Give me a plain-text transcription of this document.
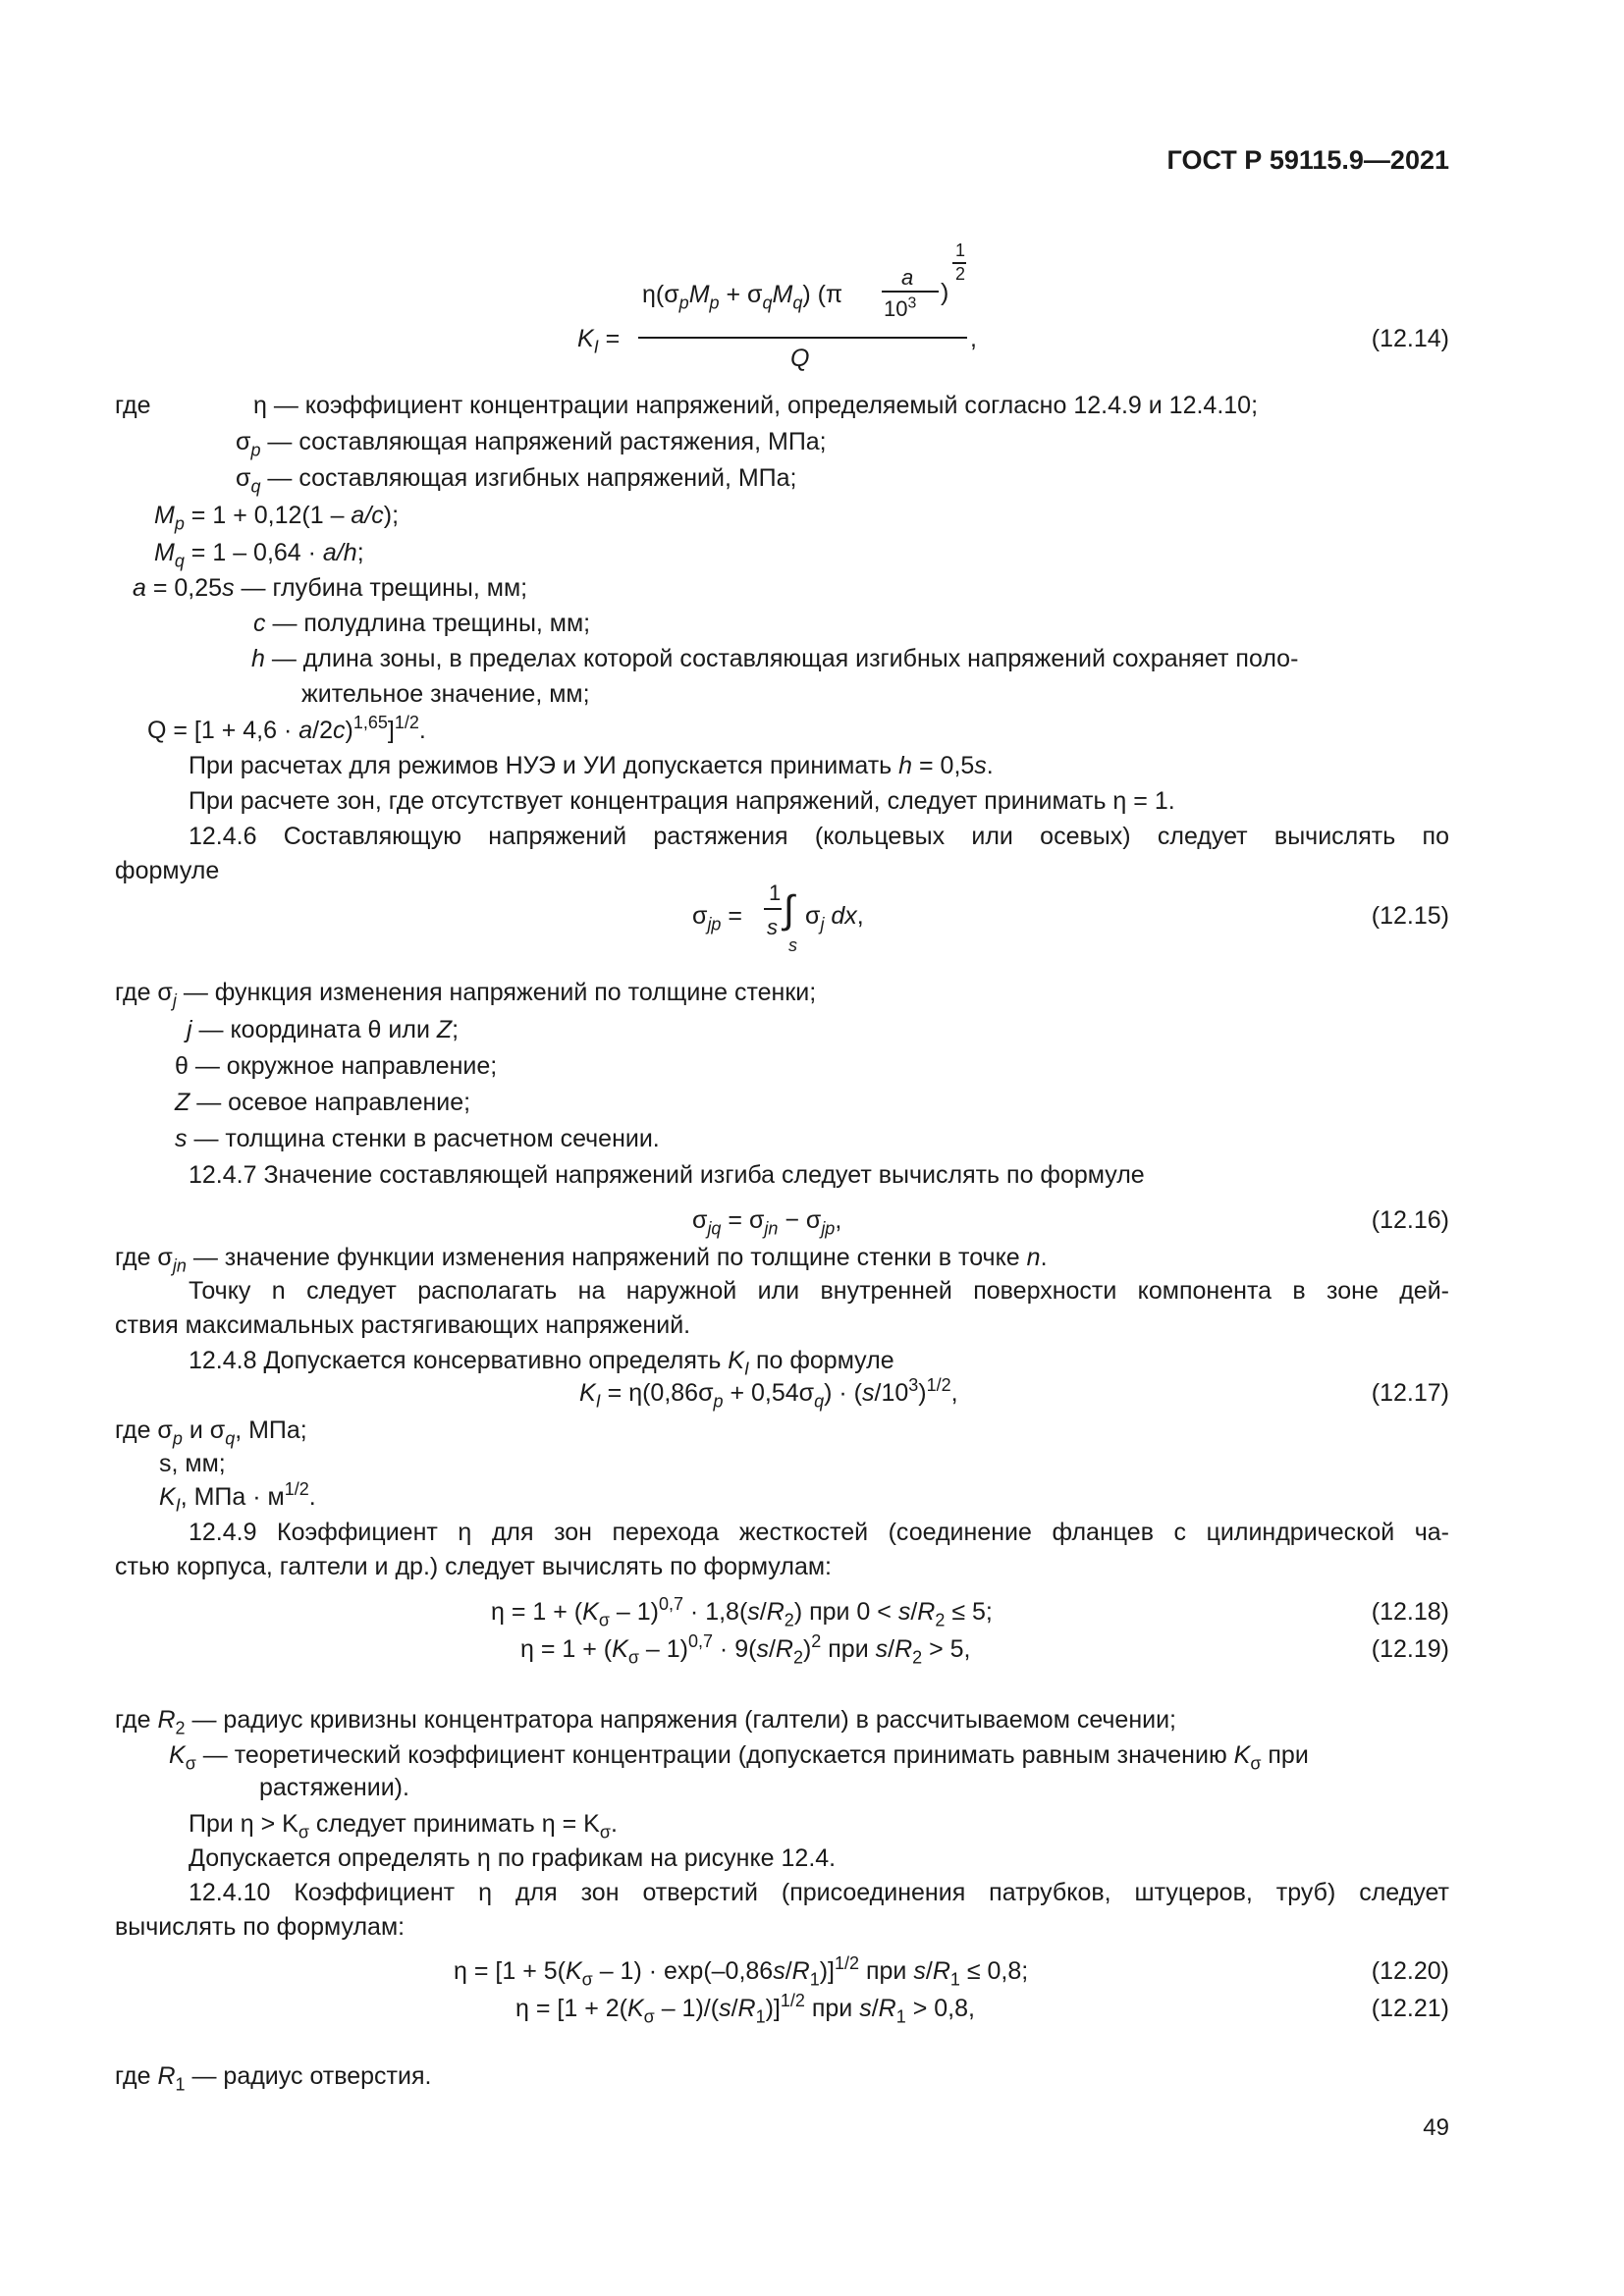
ГОСТ Р 59115.9—2021
$K_I$ =
$\eta(\sigma_pM_p + \sigma_qM_q)$ (π
a
$10^3$ )
1
2
Q
,	(12.14)
где	η — коэффициент концентрации напряжений, определяемый согласно 12.4.9 и 12.4.10;
$\sigma_p$ — составляющая напряжений растяжения, МПа;
$\sigma_q$ — составляющая изгибных напряжений, МПа;
$M_p = 1 + 0,12(1 - a/c)$;
$M_q = 1 - 0,64 \cdot a/h$;
a = 0,25s — глубина трещины, мм;
c — полудлина трещины, мм;
h — длина зоны, в пределах которой составляющая изгибных напряжений сохраняет поло-
жительное значение, мм;
$Q = [1 + 4,6 \cdot a/2c)^{1,65}]^{1/2}$.
При расчетах для режимов НУЭ и УИ допускается принимать h = 0,5s.
При расчете зон, где отсутствует концентрация напряжений, следует принимать η = 1.
12.4.6 Составляющую напряжений растяжения (кольцевых или осевых) следует вычислять по
формуле
$\sigma_{jp}$ =
1
s ∫
s
$\sigma_j$ dx,	(12.15)
где $\sigma_j$ — функция изменения напряжений по толщине стенки;
j — координата θ или Z;
θ — окружное направление;
Z — осевое направление;
s — толщина стенки в расчетном сечении.
12.4.7 Значение составляющей напряжений изгиба следует вычислять по формуле
$\sigma_{jq} = \sigma_{jn} - \sigma_{jp}$,	(12.16)
где $\sigma_{jn}$ — значение функции изменения напряжений по толщине стенки в точке n.
Точку n следует располагать на наружной или внутренней поверхности компонента в зоне дей-
ствия максимальных растягивающих напряжений.
12.4.8 Допускается консервативно определять $K_I$ по формуле
$K_I = \eta(0,86\sigma_p + 0,54\sigma_q) \cdot (s/10^3)^{1/2}$,	(12.17)
где $\sigma_p$ и $\sigma_q$, МПа;
s, мм;
$K_I$, МПа · $м^{1/2}$.
12.4.9 Коэффициент η для зон перехода жесткостей (соединение фланцев с цилиндрической ча-
стью корпуса, галтели и др.) следует вычислять по формулам:
$\eta = 1 + (K_\sigma - 1)^{0,7} \cdot 1,8(s/R_2)$ при $0 < s/R_2 \le 5$;	(12.18)
$\eta = 1 + (K_\sigma - 1)^{0,7} \cdot 9(s/R_2)^2$ при $s/R_2 > 5$,	(12.19)
где $R_2$ — радиус кривизны концентратора напряжения (галтели) в рассчитываемом сечении;
$K_\sigma$ — теоретический коэффициент концентрации (допускается принимать равным значению $K_\sigma$ при
растяжении).
При $\eta > K_\sigma$ следует принимать $\eta = K_\sigma$.
Допускается определять η по графикам на рисунке 12.4.
12.4.10 Коэффициент η для зон отверстий (присоединения патрубков, штуцеров, труб) следует
вычислять по формулам:
$\eta = [1 + 5(K_\sigma - 1) \cdot \exp(-0,86s/R_1)]^{1/2}$ при $s/R_1 \le 0,8$;	(12.20)
$\eta = [1 + 2(K_\sigma - 1)/(s/R_1)]^{1/2}$ при $s/R_1 > 0,8$,	(12.21)
где $R_1$ — радиус отверстия.
49
